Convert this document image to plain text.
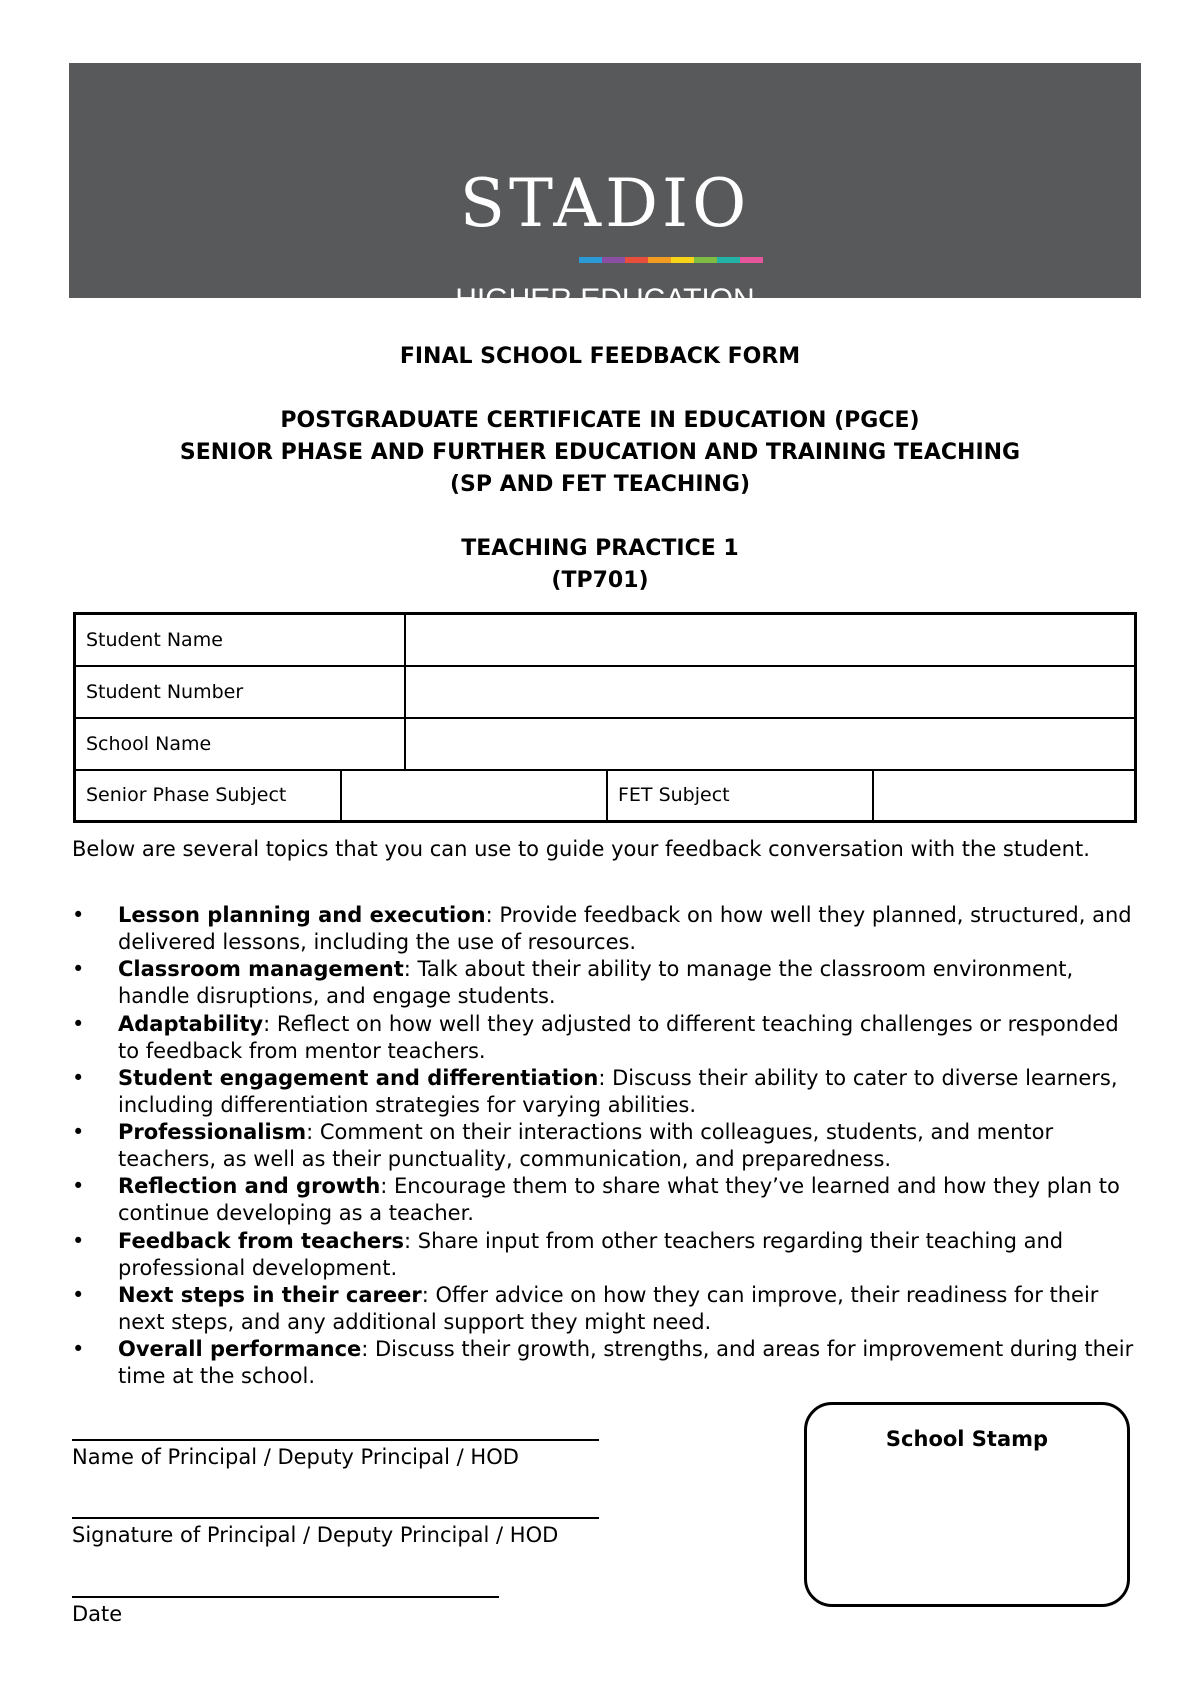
STADIO
HIGHER EDUCATION
FINAL SCHOOL FEEDBACK FORM
POSTGRADUATE CERTIFICATE IN EDUCATION (PGCE)
SENIOR PHASE AND FURTHER EDUCATION AND TRAINING TEACHING
(SP AND FET TEACHING)
TEACHING PRACTICE 1
(TP701)
Student Name
Student Number
School Name
Senior Phase Subject	FET Subject
Below are several topics that you can use to guide your feedback conversation with the student.
• Lesson planning and execution: Provide feedback on how well they planned, structured, and delivered lessons, including the use of resources.
• Classroom management: Talk about their ability to manage the classroom environment, handle disruptions, and engage students.
• Adaptability: Reflect on how well they adjusted to different teaching challenges or responded to feedback from mentor teachers.
• Student engagement and differentiation: Discuss their ability to cater to diverse learners, including differentiation strategies for varying abilities.
• Professionalism: Comment on their interactions with colleagues, students, and mentor teachers, as well as their punctuality, communication, and preparedness.
• Reflection and growth: Encourage them to share what they’ve learned and how they plan to continue developing as a teacher.
• Feedback from teachers: Share input from other teachers regarding their teaching and professional development.
• Next steps in their career: Offer advice on how they can improve, their readiness for their next steps, and any additional support they might need.
• Overall performance: Discuss their growth, strengths, and areas for improvement during their time at the school.
Name of Principal / Deputy Principal / HOD
Signature of Principal / Deputy Principal / HOD
Date
School Stamp
